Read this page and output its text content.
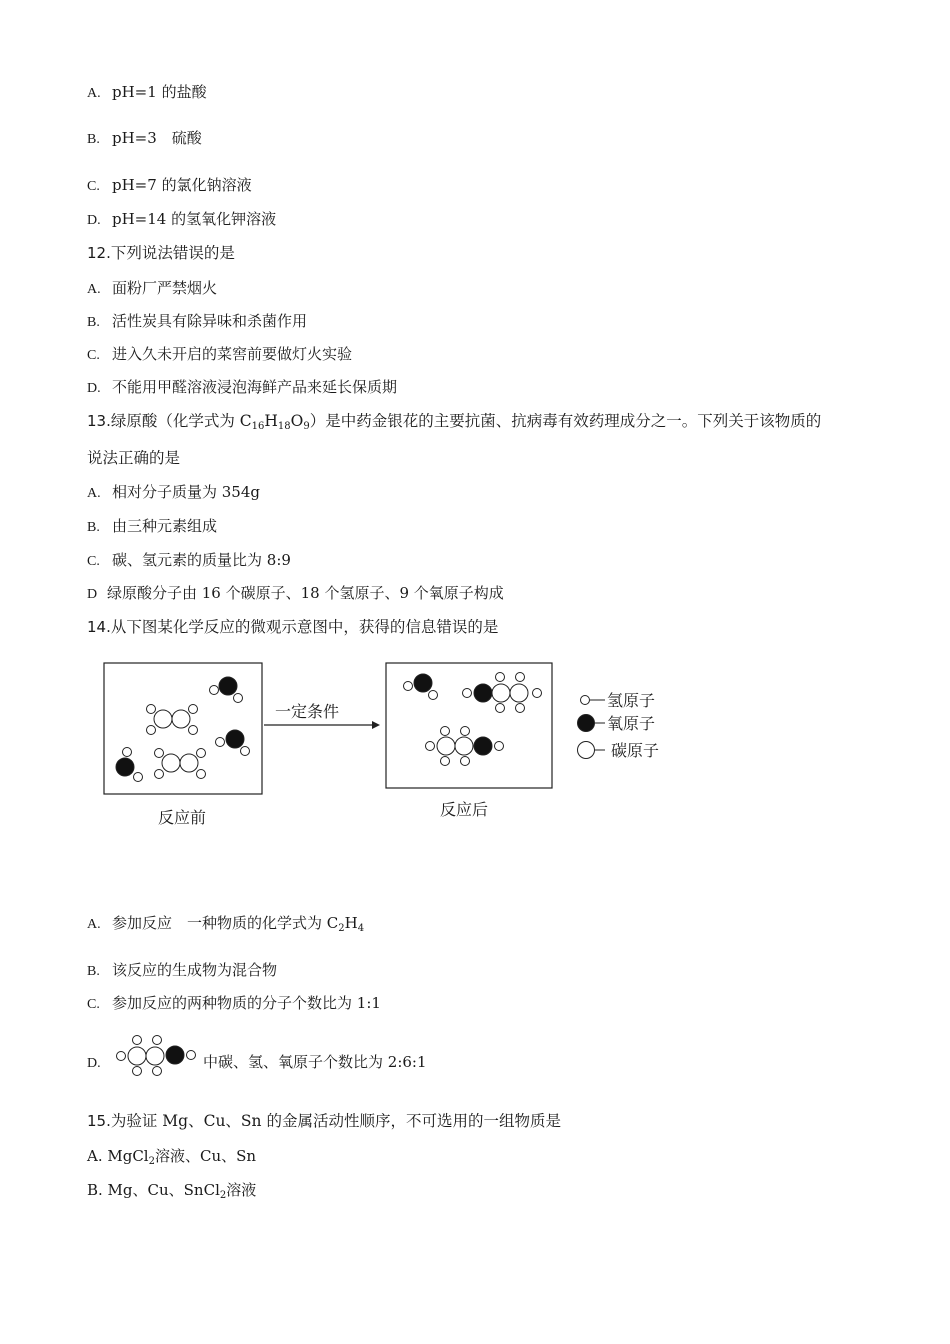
A. pH=1 的盐酸
B. pH=3　硫酸
C. pH=7 的氯化钠溶液
D. pH=14 的氢氧化钾溶液
12.下列说法错误的是
A. 面粉厂严禁烟火
B. 活性炭具有除异味和杀菌作用
C. 进入久未开启的菜窖前要做灯火实验
D. 不能用甲醛溶液浸泡海鲜产品来延长保质期
13.绿原酸（化学式为 $C_{16}H_{18}O_9$）是中药金银花的主要抗菌、抗病毒有效药理成分之一。下列关于该物质的
说法正确的是
A. 相对分子质量为 354g
B. 由三种元素组成
C. 碳、氢元素的质量比为 8:9
D 绿原酸分子由 16 个碳原子、18 个氢原子、9 个氧原子构成
14.从下图某化学反应的微观示意图中，获得的信息错误的是
一定条件
反应前	反应后
氢原子
氧原子
碳原子
A. 参加反应　一种物质的化学式为 $C_2H_4$
B. 该反应的生成物为混合物
C. 参加反应的两种物质的分子个数比为 1:1
D.	中碳、氢、氧原子个数比为 2:6:1
15.为验证 Mg、Cu、Sn 的金属活动性顺序，不可选用的一组物质是
A. MgCl$_2$溶液、Cu、Sn
B. Mg、Cu、SnCl$_2$溶液
